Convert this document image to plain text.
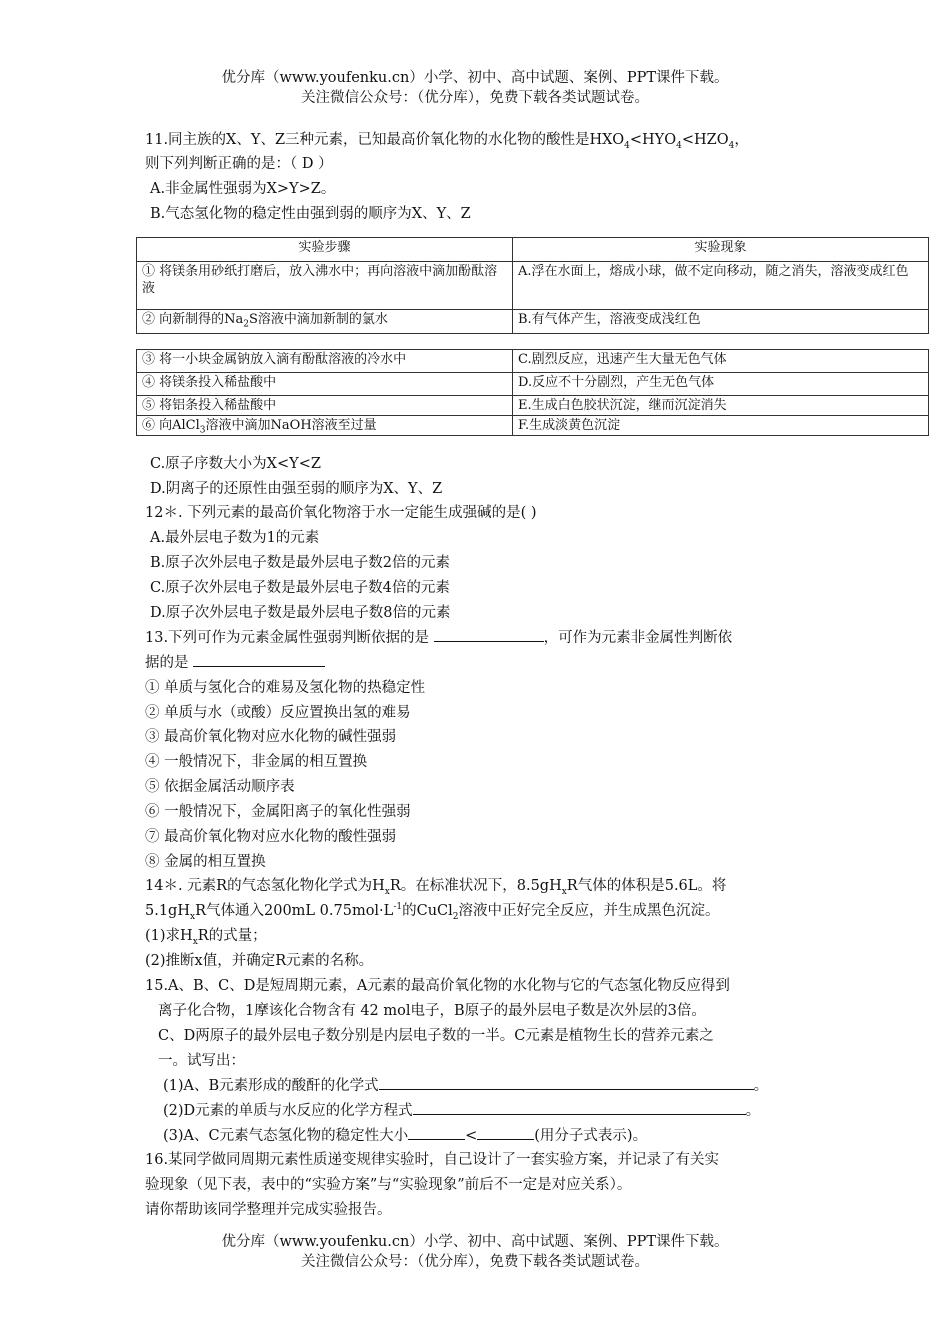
优分库（www.youfenku.cn）小学、初中、高中试题、案例、PPT课件下载。
关注微信公众号：（优分库），免费下载各类试题试卷。
11.同主族的X、Y、Z三种元素，已知最高价氧化物的水化物的酸性是$HXO_4<HYO_4<HZO_4$，
则下列判断正确的是：（ D ）
A.非金属性强弱为X>Y>Z。
B.气态氢化物的稳定性由强到弱的顺序为X、Y、Z
实验步骤	实验现象
① 将镁条用砂纸打磨后，放入沸水中；再向溶液中滴加酚酞溶液	A.浮在水面上，熔成小球，做不定向移动，随之消失，溶液变成红色
② 向新制得的$Na_2S$溶液中滴加新制的氯水	B.有气体产生，溶液变成浅红色
③ 将一小块金属钠放入滴有酚酞溶液的冷水中	C.剧烈反应，迅速产生大量无色气体
④ 将镁条投入稀盐酸中	D.反应不十分剧烈，产生无色气体
⑤ 将铝条投入稀盐酸中	E.生成白色胶状沉淀，继而沉淀消失
⑥ 向AlCl$_3$溶液中滴加NaOH溶液至过量	F.生成淡黄色沉淀
C.原子序数大小为X<Y<Z
D.阴离子的还原性由强至弱的顺序为X、Y、Z
12＊. 下列元素的最高价氧化物溶于水一定能生成强碱的是( )
A.最外层电子数为1的元素
B.原子次外层电子数是最外层电子数2倍的元素
C.原子次外层电子数是最外层电子数4倍的元素
D.原子次外层电子数是最外层电子数8倍的元素
13.下列可作为元素金属性强弱判断依据的是	，可作为元素非金属性判断依
据的是
① 单质与氢化合的难易及氢化物的热稳定性
② 单质与水（或酸）反应置换出氢的难易
③ 最高价氧化物对应水化物的碱性强弱
④ 一般情况下，非金属的相互置换
⑤ 依据金属活动顺序表
⑥ 一般情况下，金属阳离子的氧化性强弱
⑦ 最高价氧化物对应水化物的酸性强弱
⑧ 金属的相互置换
14＊. 元素R的气态氢化物化学式为$H_xR$。在标准状况下，$8.5gH_xR$气体的体积是5.6L。将
$5.1gH_xR$气体通入200mL $0.75mol\cdot L^{-1}$的CuCl$_2$溶液中正好完全反应，并生成黑色沉淀。
(1)求$H_xR$的式量；
(2)推断x值，并确定R元素的名称。
15.A、B、C、D是短周期元素，A元素的最高价氧化物的水化物与它的气态氢化物反应得到
离子化合物，1摩该化合物含有 42 mol电子，B原子的最外层电子数是次外层的3倍。
C、D两原子的最外层电子数分别是内层电子数的一半。C元素是植物生长的营养元素之
一。试写出：
(1)A、B元素形成的酸酐的化学式	。
(2)D元素的单质与水反应的化学方程式	。
(3)A、C元素气态氢化物的稳定性大小	<	(用分子式表示)。
16.某同学做同周期元素性质递变规律实验时，自己设计了一套实验方案，并记录了有关实
验现象（见下表，表中的“实验方案”与“实验现象”前后不一定是对应关系）。
请你帮助该同学整理并完成实验报告。
优分库（www.youfenku.cn）小学、初中、高中试题、案例、PPT课件下载。
关注微信公众号：（优分库），免费下载各类试题试卷。
